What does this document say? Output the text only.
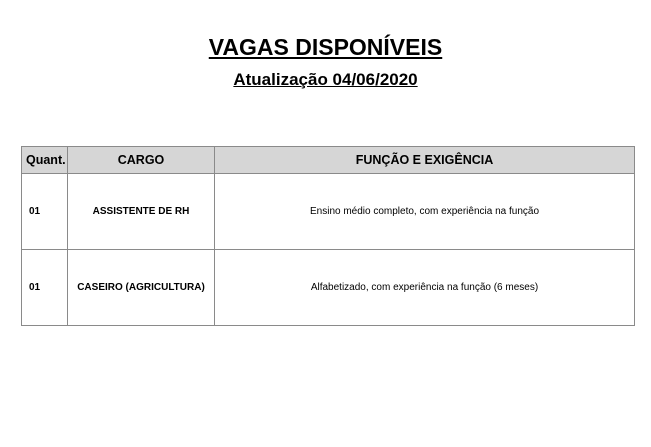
VAGAS DISPONÍVEIS
Atualização 04/06/2020
Quant.	CARGO	FUNÇÃO E EXIGÊNCIA
01	ASSISTENTE DE RH	Ensino médio completo, com experiência na função
01	CASEIRO (AGRICULTURA)	Alfabetizado, com experiência na função (6 meses)
